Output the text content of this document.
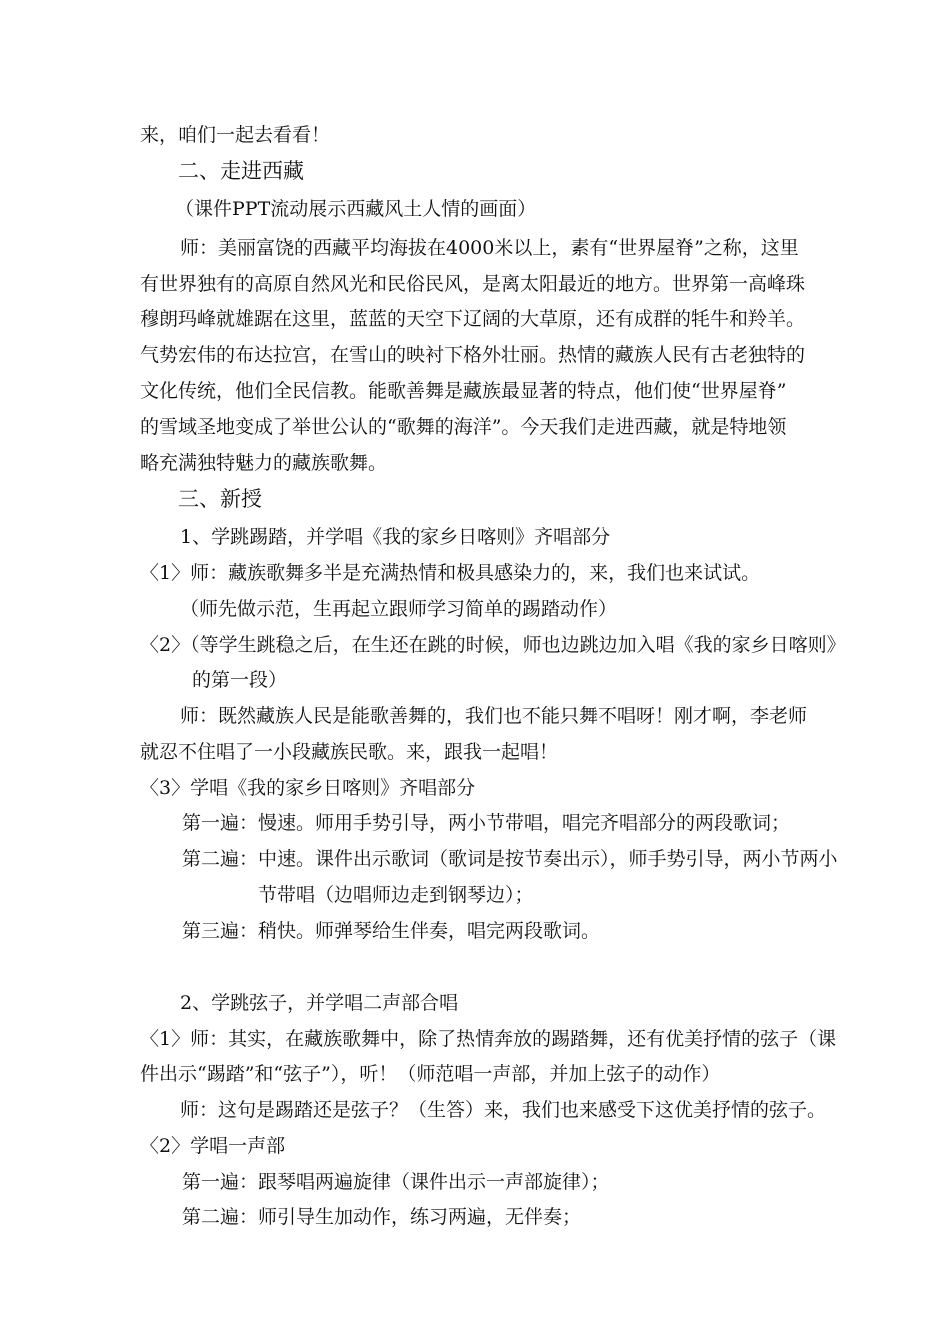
来，咱们一起去看看！
二、走进西藏
（课件PPT流动展示西藏风土人情的画面）
师：美丽富饶的西藏平均海拔在4000米以上，素有“世界屋脊”之称，这里
有世界独有的高原自然风光和民俗民风，是离太阳最近的地方。世界第一高峰珠
穆朗玛峰就雄踞在这里，蓝蓝的天空下辽阔的大草原，还有成群的牦牛和羚羊。
气势宏伟的布达拉宫，在雪山的映衬下格外壮丽。热情的藏族人民有古老独特的
文化传统，他们全民信教。能歌善舞是藏族最显著的特点，他们使“世界屋脊”
的雪域圣地变成了举世公认的“歌舞的海洋”。今天我们走进西藏，就是特地领
略充满独特魅力的藏族歌舞。
三、新授
1、学跳踢踏，并学唱《我的家乡日喀则》齐唱部分
〈1〉师：藏族歌舞多半是充满热情和极具感染力的，来，我们也来试试。
（师先做示范，生再起立跟师学习简单的踢踏动作）
〈2〉（等学生跳稳之后，在生还在跳的时候，师也边跳边加入唱《我的家乡日喀则》
的第一段）
师：既然藏族人民是能歌善舞的，我们也不能只舞不唱呀！刚才啊，李老师
就忍不住唱了一小段藏族民歌。来，跟我一起唱！
〈3〉学唱《我的家乡日喀则》齐唱部分
第一遍：慢速。师用手势引导，两小节带唱，唱完齐唱部分的两段歌词；
第二遍：中速。课件出示歌词（歌词是按节奏出示），师手势引导，两小节两小
节带唱（边唱师边走到钢琴边）；
第三遍：稍快。师弹琴给生伴奏，唱完两段歌词。
2、学跳弦子，并学唱二声部合唱
〈1〉师：其实，在藏族歌舞中，除了热情奔放的踢踏舞，还有优美抒情的弦子（课
件出示“踢踏”和“弦子”），听！（师范唱一声部，并加上弦子的动作）
师：这句是踢踏还是弦子？（生答）来，我们也来感受下这优美抒情的弦子。
〈2〉学唱一声部
第一遍：跟琴唱两遍旋律（课件出示一声部旋律）；
第二遍：师引导生加动作，练习两遍，无伴奏；
